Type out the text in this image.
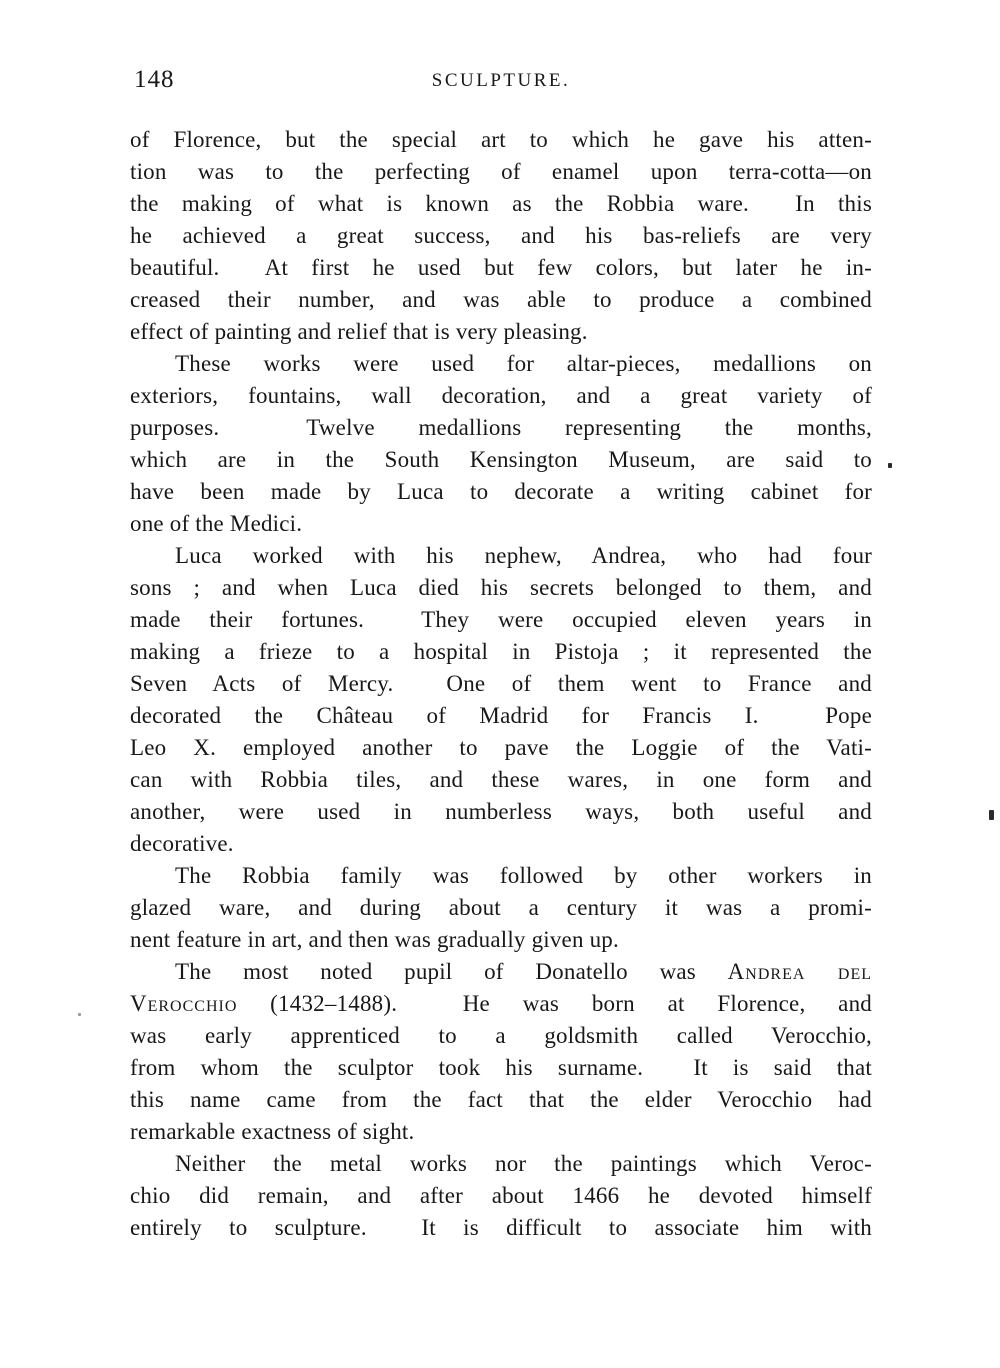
148	SCULPTURE.
of Florence, but the special art to which he gave his atten-
tion was to the perfecting of enamel upon terra-cotta—on
the making of what is known as the Robbia ware.  In this
he achieved a great success, and his bas-reliefs are very
beautiful.  At first he used but few colors, but later he in-
creased their number, and was able to produce a combined
effect of painting and relief that is very pleasing.
These works were used for altar-pieces, medallions on
exteriors, fountains, wall decoration, and a great variety of
purposes.  Twelve medallions representing the months,
which are in the South Kensington Museum, are said to
have been made by Luca to decorate a writing cabinet for
one of the Medici.
Luca worked with his nephew, Andrea, who had four
sons ; and when Luca died his secrets belonged to them, and
made their fortunes.  They were occupied eleven years in
making a frieze to a hospital in Pistoja ; it represented the
Seven Acts of Mercy.  One of them went to France and
decorated the Château of Madrid for Francis I.  Pope
Leo X. employed another to pave the Loggie of the Vati-
can with Robbia tiles, and these wares, in one form and
another, were used in numberless ways, both useful and
decorative.
The Robbia family was followed by other workers in
glazed ware, and during about a century it was a promi-
nent feature in art, and then was gradually given up.
The most noted pupil of Donatello was Andrea del
Verocchio (1432–1488).  He was born at Florence, and
was early apprenticed to a goldsmith called Verocchio,
from whom the sculptor took his surname.  It is said that
this name came from the fact that the elder Verocchio had
remarkable exactness of sight.
Neither the metal works nor the paintings which Veroc-
chio did remain, and after about 1466 he devoted himself
entirely to sculpture.  It is difficult to associate him with
